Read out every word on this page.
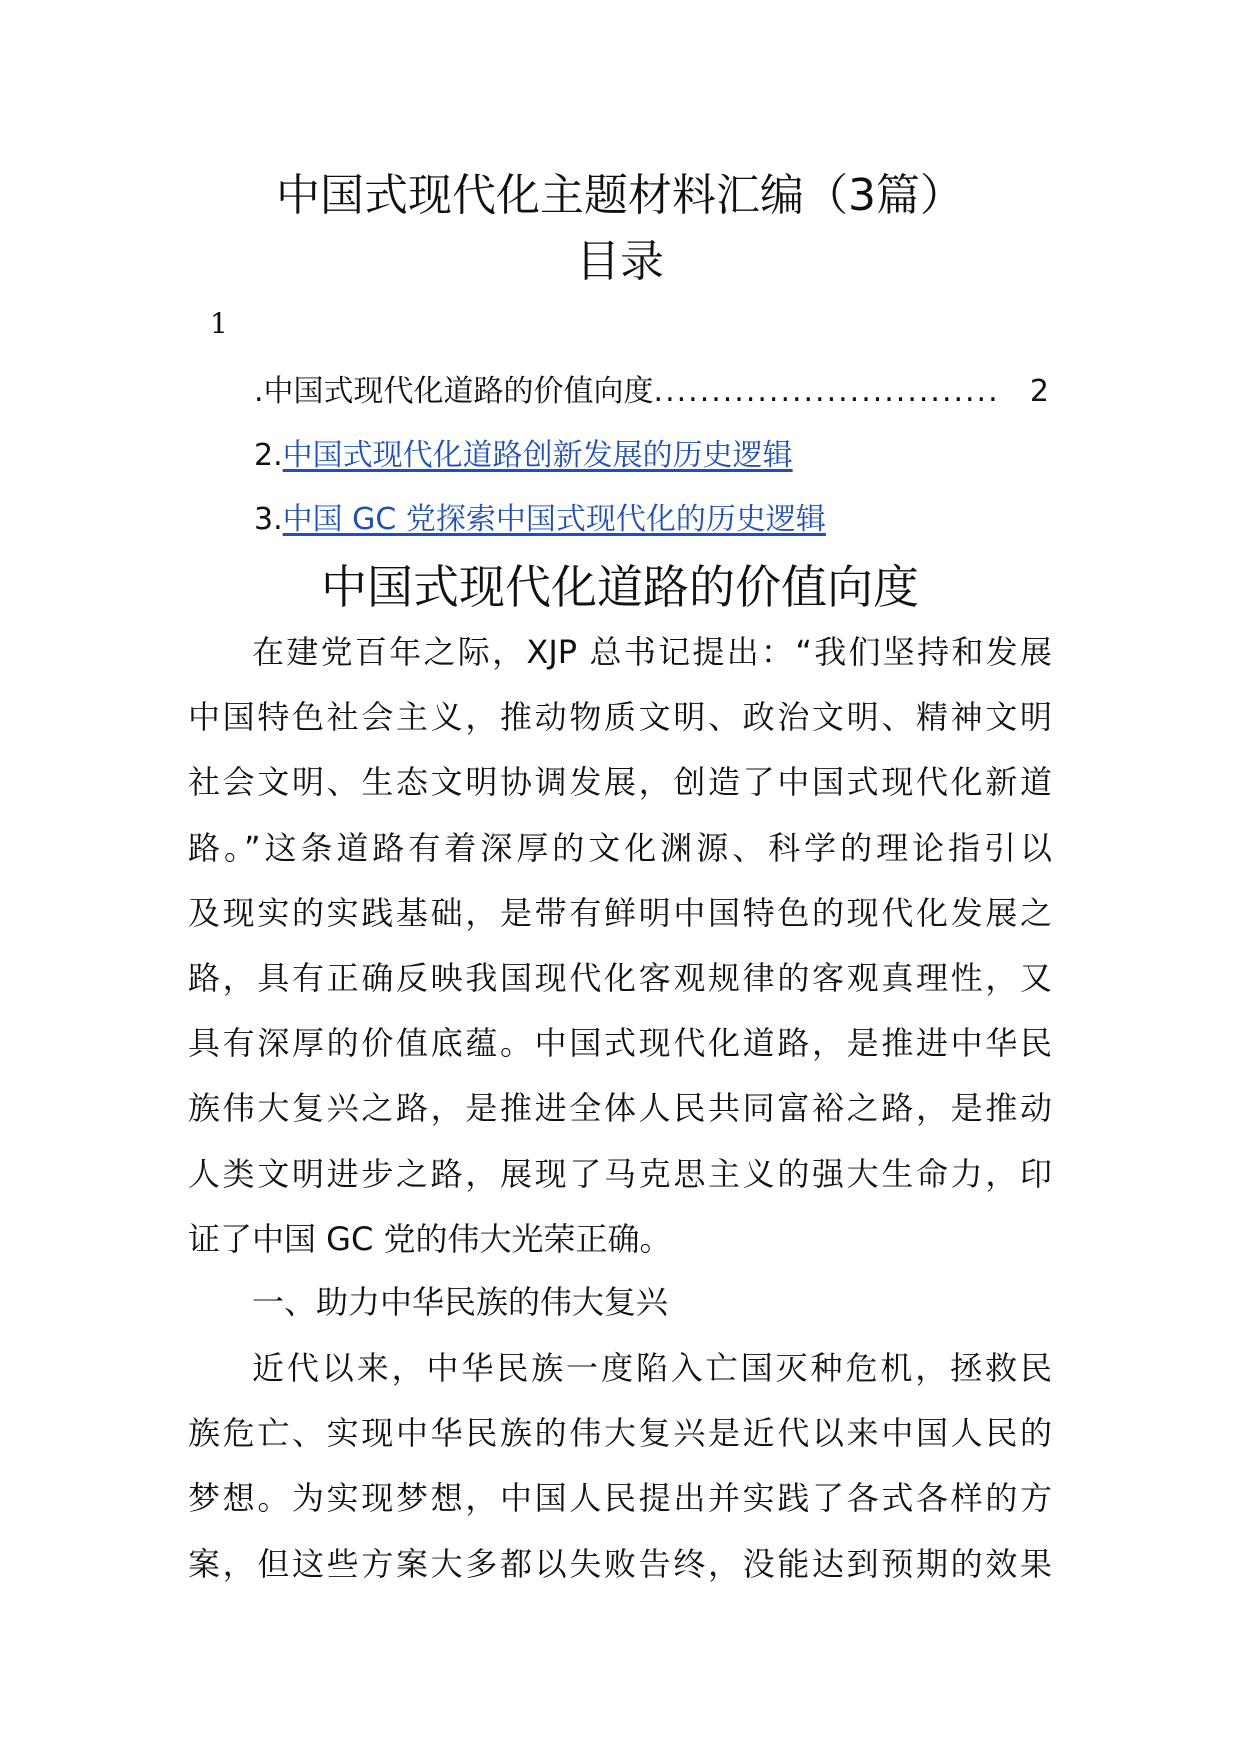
中国式现代化主题材料汇编（3篇）
目录
1
.中国式现代化道路的价值向度 ..............................	2
2.中国式现代化道路创新发展的历史逻辑
3.中国 GC 党探索中国式现代化的历史逻辑
中国式现代化道路的价值向度
在建党百年之际，XJP 总书记提出：“我们坚持和发展
中国特色社会主义，推动物质文明、政治文明、精神文明
社会文明、生态文明协调发展，创造了中国式现代化新道
路。”这条道路有着深厚的文化渊源、科学的理论指引以
及现实的实践基础，是带有鲜明中国特色的现代化发展之
路，具有正确反映我国现代化客观规律的客观真理性，又
具有深厚的价值底蕴。中国式现代化道路，是推进中华民
族伟大复兴之路，是推进全体人民共同富裕之路，是推动
人类文明进步之路，展现了马克思主义的强大生命力，印
证了中国 GC 党的伟大光荣正确。
一、助力中华民族的伟大复兴
近代以来，中华民族一度陷入亡国灭种危机，拯救民
族危亡、实现中华民族的伟大复兴是近代以来中国人民的
梦想。为实现梦想，中国人民提出并实践了各式各样的方
案，但这些方案大多都以失败告终，没能达到预期的效果
